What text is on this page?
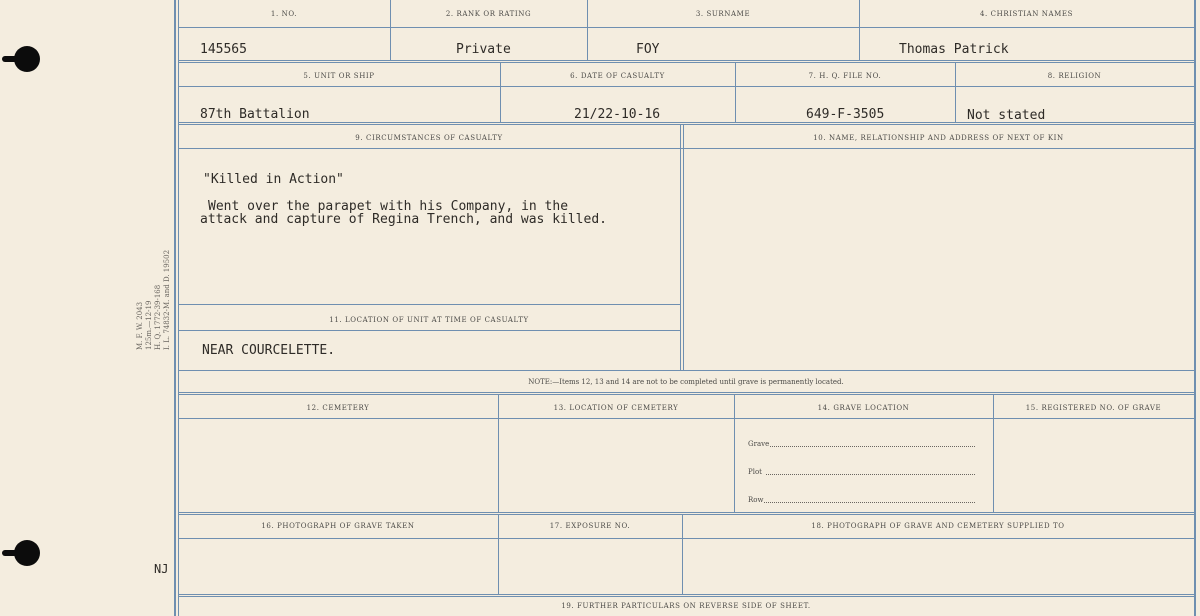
M. F. W. 2043 125m.—12-19 H. Q. 1772-39-168 I. L. 74832-M. and D. 19502
NJ
1. NO.	2. RANK OR RATING	3. SURNAME	4. CHRISTIAN NAMES
145565	Private	FOY	Thomas Patrick
5. UNIT OR SHIP	6. DATE OF CASUALTY	7. H. Q. FILE NO.	8. RELIGION
87th Battalion	21/22-10-16	649-F-3505	Not stated
9. CIRCUMSTANCES OF CASUALTY	10. NAME, RELATIONSHIP AND ADDRESS OF NEXT OF KIN
"Killed in Action"
Went over the parapet with his Company, in the
attack and capture of Regina Trench, and was killed.
11. LOCATION OF UNIT AT TIME OF CASUALTY
NEAR COURCELETTE.
NOTE:—Items 12, 13 and 14 are not to be completed until grave is permanently located.
12. CEMETERY	13. LOCATION OF CEMETERY	14. GRAVE LOCATION	15. REGISTERED NO. OF GRAVE
Grave
Plot
Row
16. PHOTOGRAPH OF GRAVE TAKEN	17. EXPOSURE NO.	18. PHOTOGRAPH OF GRAVE AND CEMETERY SUPPLIED TO
19. FURTHER PARTICULARS ON REVERSE SIDE OF SHEET.
